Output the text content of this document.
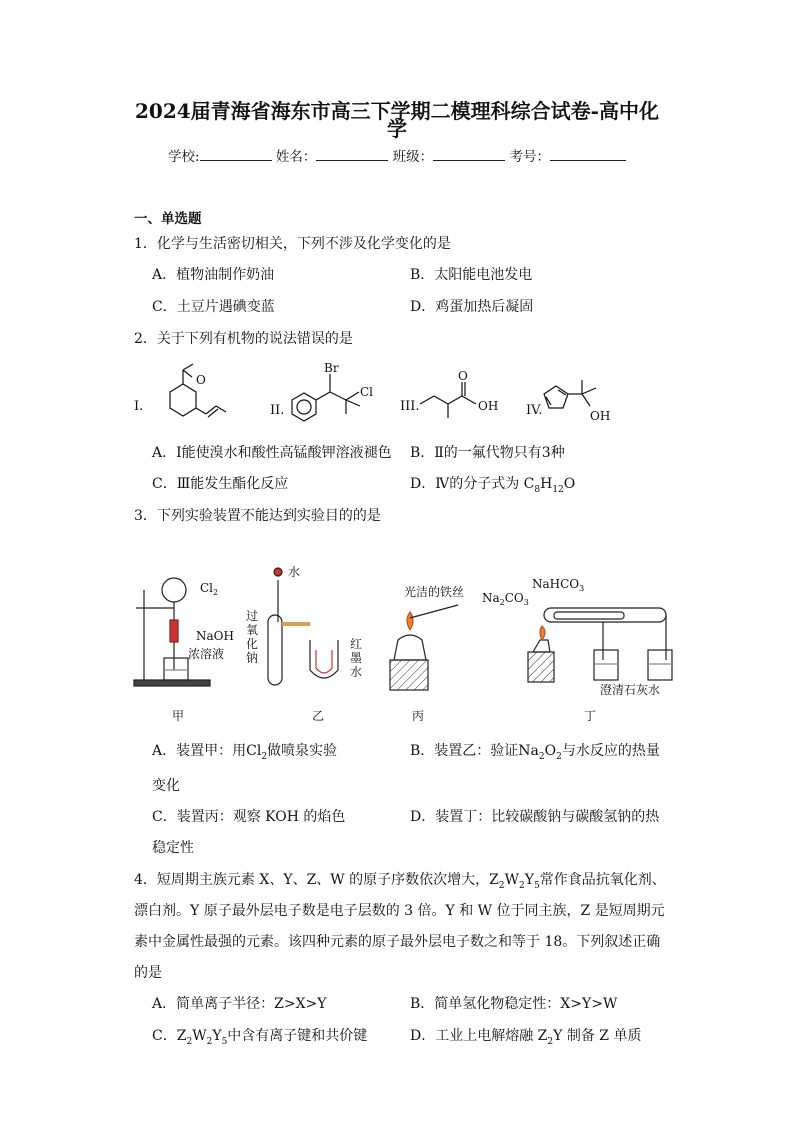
2024届青海省海东市高三下学期二模理科综合试卷-高中化
学
学校:	姓名：	班级：	考号：
一、单选题
1．化学与生活密切相关，下列不涉及化学变化的是
A．植物油制作奶油	B．太阳能电池发电
C．土豆片遇碘变蓝	D．鸡蛋加热后凝固
2．关于下列有机物的说法错误的是
I.
O
II.
Br
Cl
III.
O
OH IV.	OH
A．Ⅰ能使溴水和酸性高锰酸钾溶液褪色 B．Ⅱ的一氟代物只有3种
C．Ⅲ能发生酯化反应	D．Ⅳ的分子式为 $C_8H_{12}O$
3．下列实验装置不能达到实验目的的是
$Cl_2$
NaOH
浓溶液
水
过
氧
化
钠
红
墨
水
光洁的铁丝 $Na_2CO_3$
NaHCO$_3$
澄清石灰水
甲	乙	丙	丁
A．装置甲：用$Cl_2$做喷泉实验	B．装置乙：验证$Na_2O_2$与水反应的热量
变化
C．装置丙：观察 KOH 的焰色	D．装置丁：比较碳酸钠与碳酸氢钠的热
稳定性
4．短周期主族元素 X、Y、Z、W 的原子序数依次增大，$Z_2W_2Y_5$常作食品抗氧化剂、
漂白剂。Y 原子最外层电子数是电子层数的 3 倍。Y 和 W 位于同主族，Z 是短周期元
素中金属性最强的元素。该四种元素的原子最外层电子数之和等于 18。下列叙述正确
的是
A．简单离子半径：Z>X>Y	B．简单氢化物稳定性：X>Y>W
C．$Z_2W_2Y_5$中含有离子键和共价键	D．工业上电解熔融 $Z_2Y$ 制备 Z 单质
